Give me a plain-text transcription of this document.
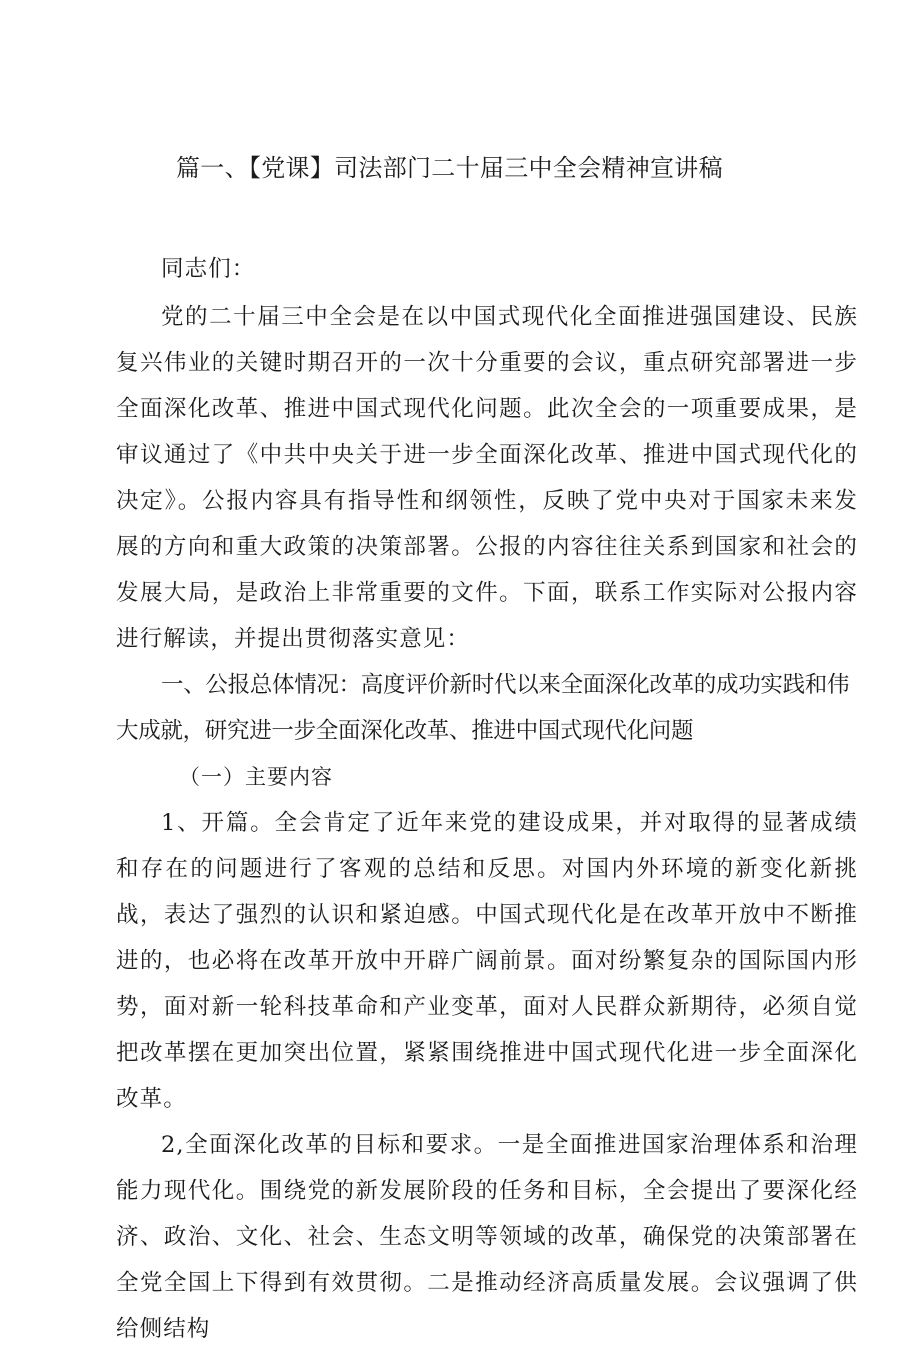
篇一、【党课】司法部门二十届三中全会精神宣讲稿

同志们：

党的二十届三中全会是在以中国式现代化全面推进强国建设、民族复兴伟业的关键时期召开的一次十分重要的会议，重点研究部署进一步全面深化改革、推进中国式现代化问题。此次全会的一项重要成果，是审议通过了《中共中央关于进一步全面深化改革、推进中国式现代化的决定》。公报内容具有指导性和纲领性，反映了党中央对于国家未来发展的方向和重大政策的决策部署。公报的内容往往关系到国家和社会的发展大局，是政治上非常重要的文件。下面，联系工作实际对公报内容进行解读，并提出贯彻落实意见：

一、公报总体情况：高度评价新时代以来全面深化改革的成功实践和伟大成就，研究进一步全面深化改革、推进中国式现代化问题

（一）主要内容

1、开篇。全会肯定了近年来党的建设成果，并对取得的显著成绩和存在的问题进行了客观的总结和反思。对国内外环境的新变化新挑战，表达了强烈的认识和紧迫感。中国式现代化是在改革开放中不断推进的，也必将在改革开放中开辟广阔前景。面对纷繁复杂的国际国内形势，面对新一轮科技革命和产业变革，面对人民群众新期待，必须自觉把改革摆在更加突出位置，紧紧围绕推进中国式现代化进一步全面深化改革。

2,全面深化改革的目标和要求。一是全面推进国家治理体系和治理能力现代化。围绕党的新发展阶段的任务和目标，全会提出了要深化经济、政治、文化、社会、生态文明等领域的改革，确保党的决策部署在全党全国上下得到有效贯彻。二是推动经济高质量发展。会议强调了供给侧结构
